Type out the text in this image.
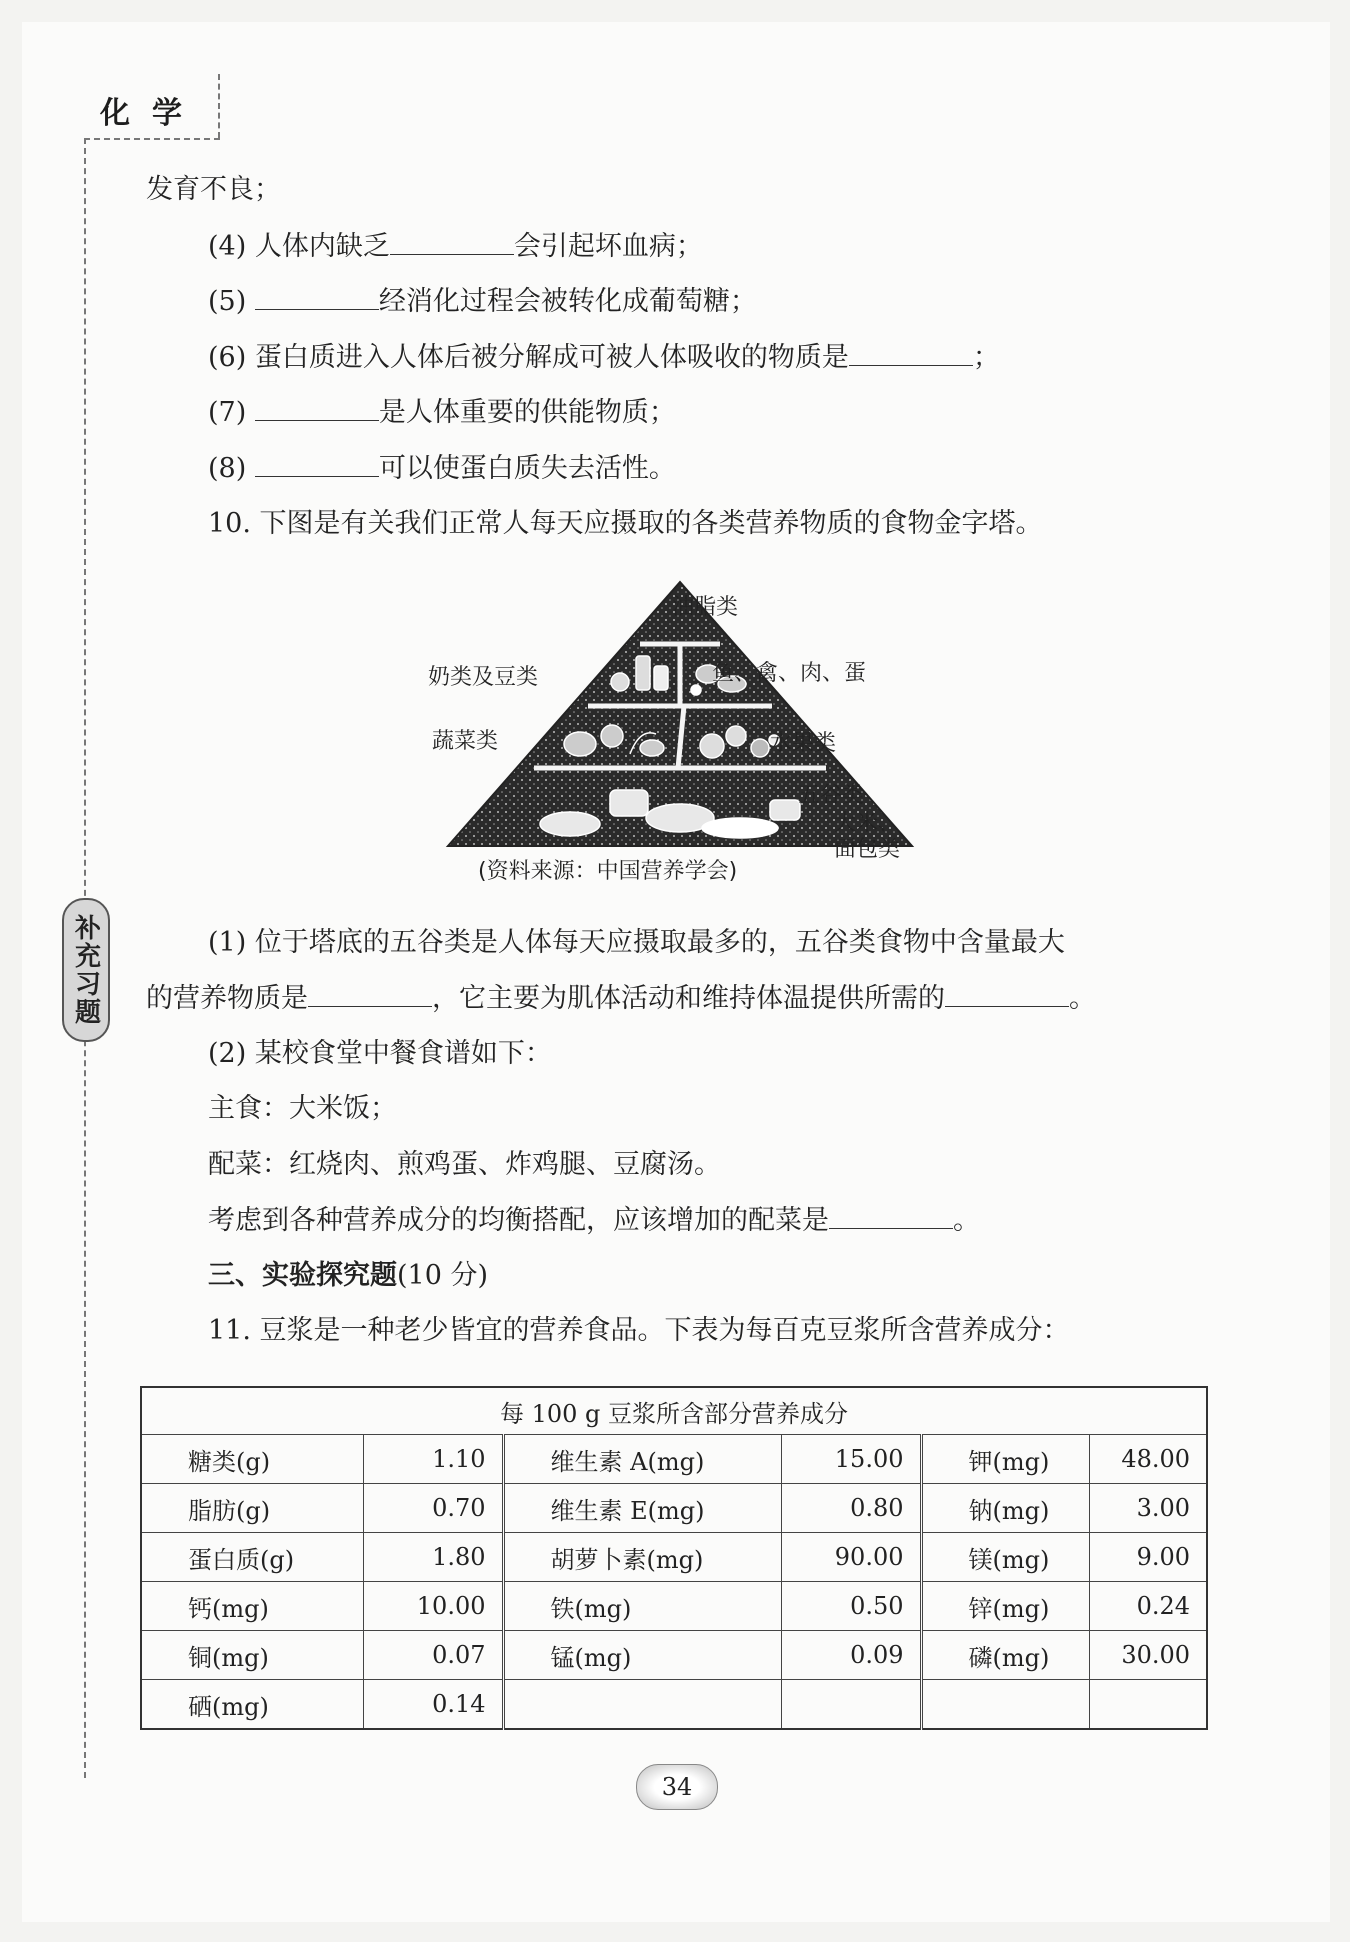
化学
补充习题
发育不良；
(4) 人体内缺乏	会引起坏血病；
(5)	经消化过程会被转化成葡萄糖；
(6) 蛋白质进入人体后被分解成可被人体吸收的物质是	；
(7)	是人体重要的供能物质；
(8)	可以使蛋白质失去活性。
10. 下图是有关我们正常人每天应摄取的各类营养物质的食物金字塔。
油脂类
奶类及豆类	鱼、禽、肉、蛋
蔬菜类	水果类
五谷类
大米、
面包类
(资料来源：中国营养学会)
(1) 位于塔底的五谷类是人体每天应摄取最多的，五谷类食物中含量最大
的营养物质是	，它主要为肌体活动和维持体温提供所需的	。
(2) 某校食堂中餐食谱如下：
主食：大米饭；
配菜：红烧肉、煎鸡蛋、炸鸡腿、豆腐汤。
考虑到各种营养成分的均衡搭配，应该增加的配菜是	。
三、实验探究题(10 分)
11. 豆浆是一种老少皆宜的营养食品。下表为每百克豆浆所含营养成分：
每 100 g 豆浆所含部分营养成分					
糖类(g)	1.10	维生素 A(mg)	15.00	钾(mg)	48.00
脂肪(g)	0.70	维生素 E(mg)	0.80	钠(mg)	3.00
蛋白质(g)	1.80	胡萝卜素(mg)	90.00	镁(mg)	9.00
钙(mg)	10.00	铁(mg)	0.50	锌(mg)	0.24
铜(mg)	0.07	锰(mg)	0.09	磷(mg)	30.00
硒(mg)	0.14				
34
